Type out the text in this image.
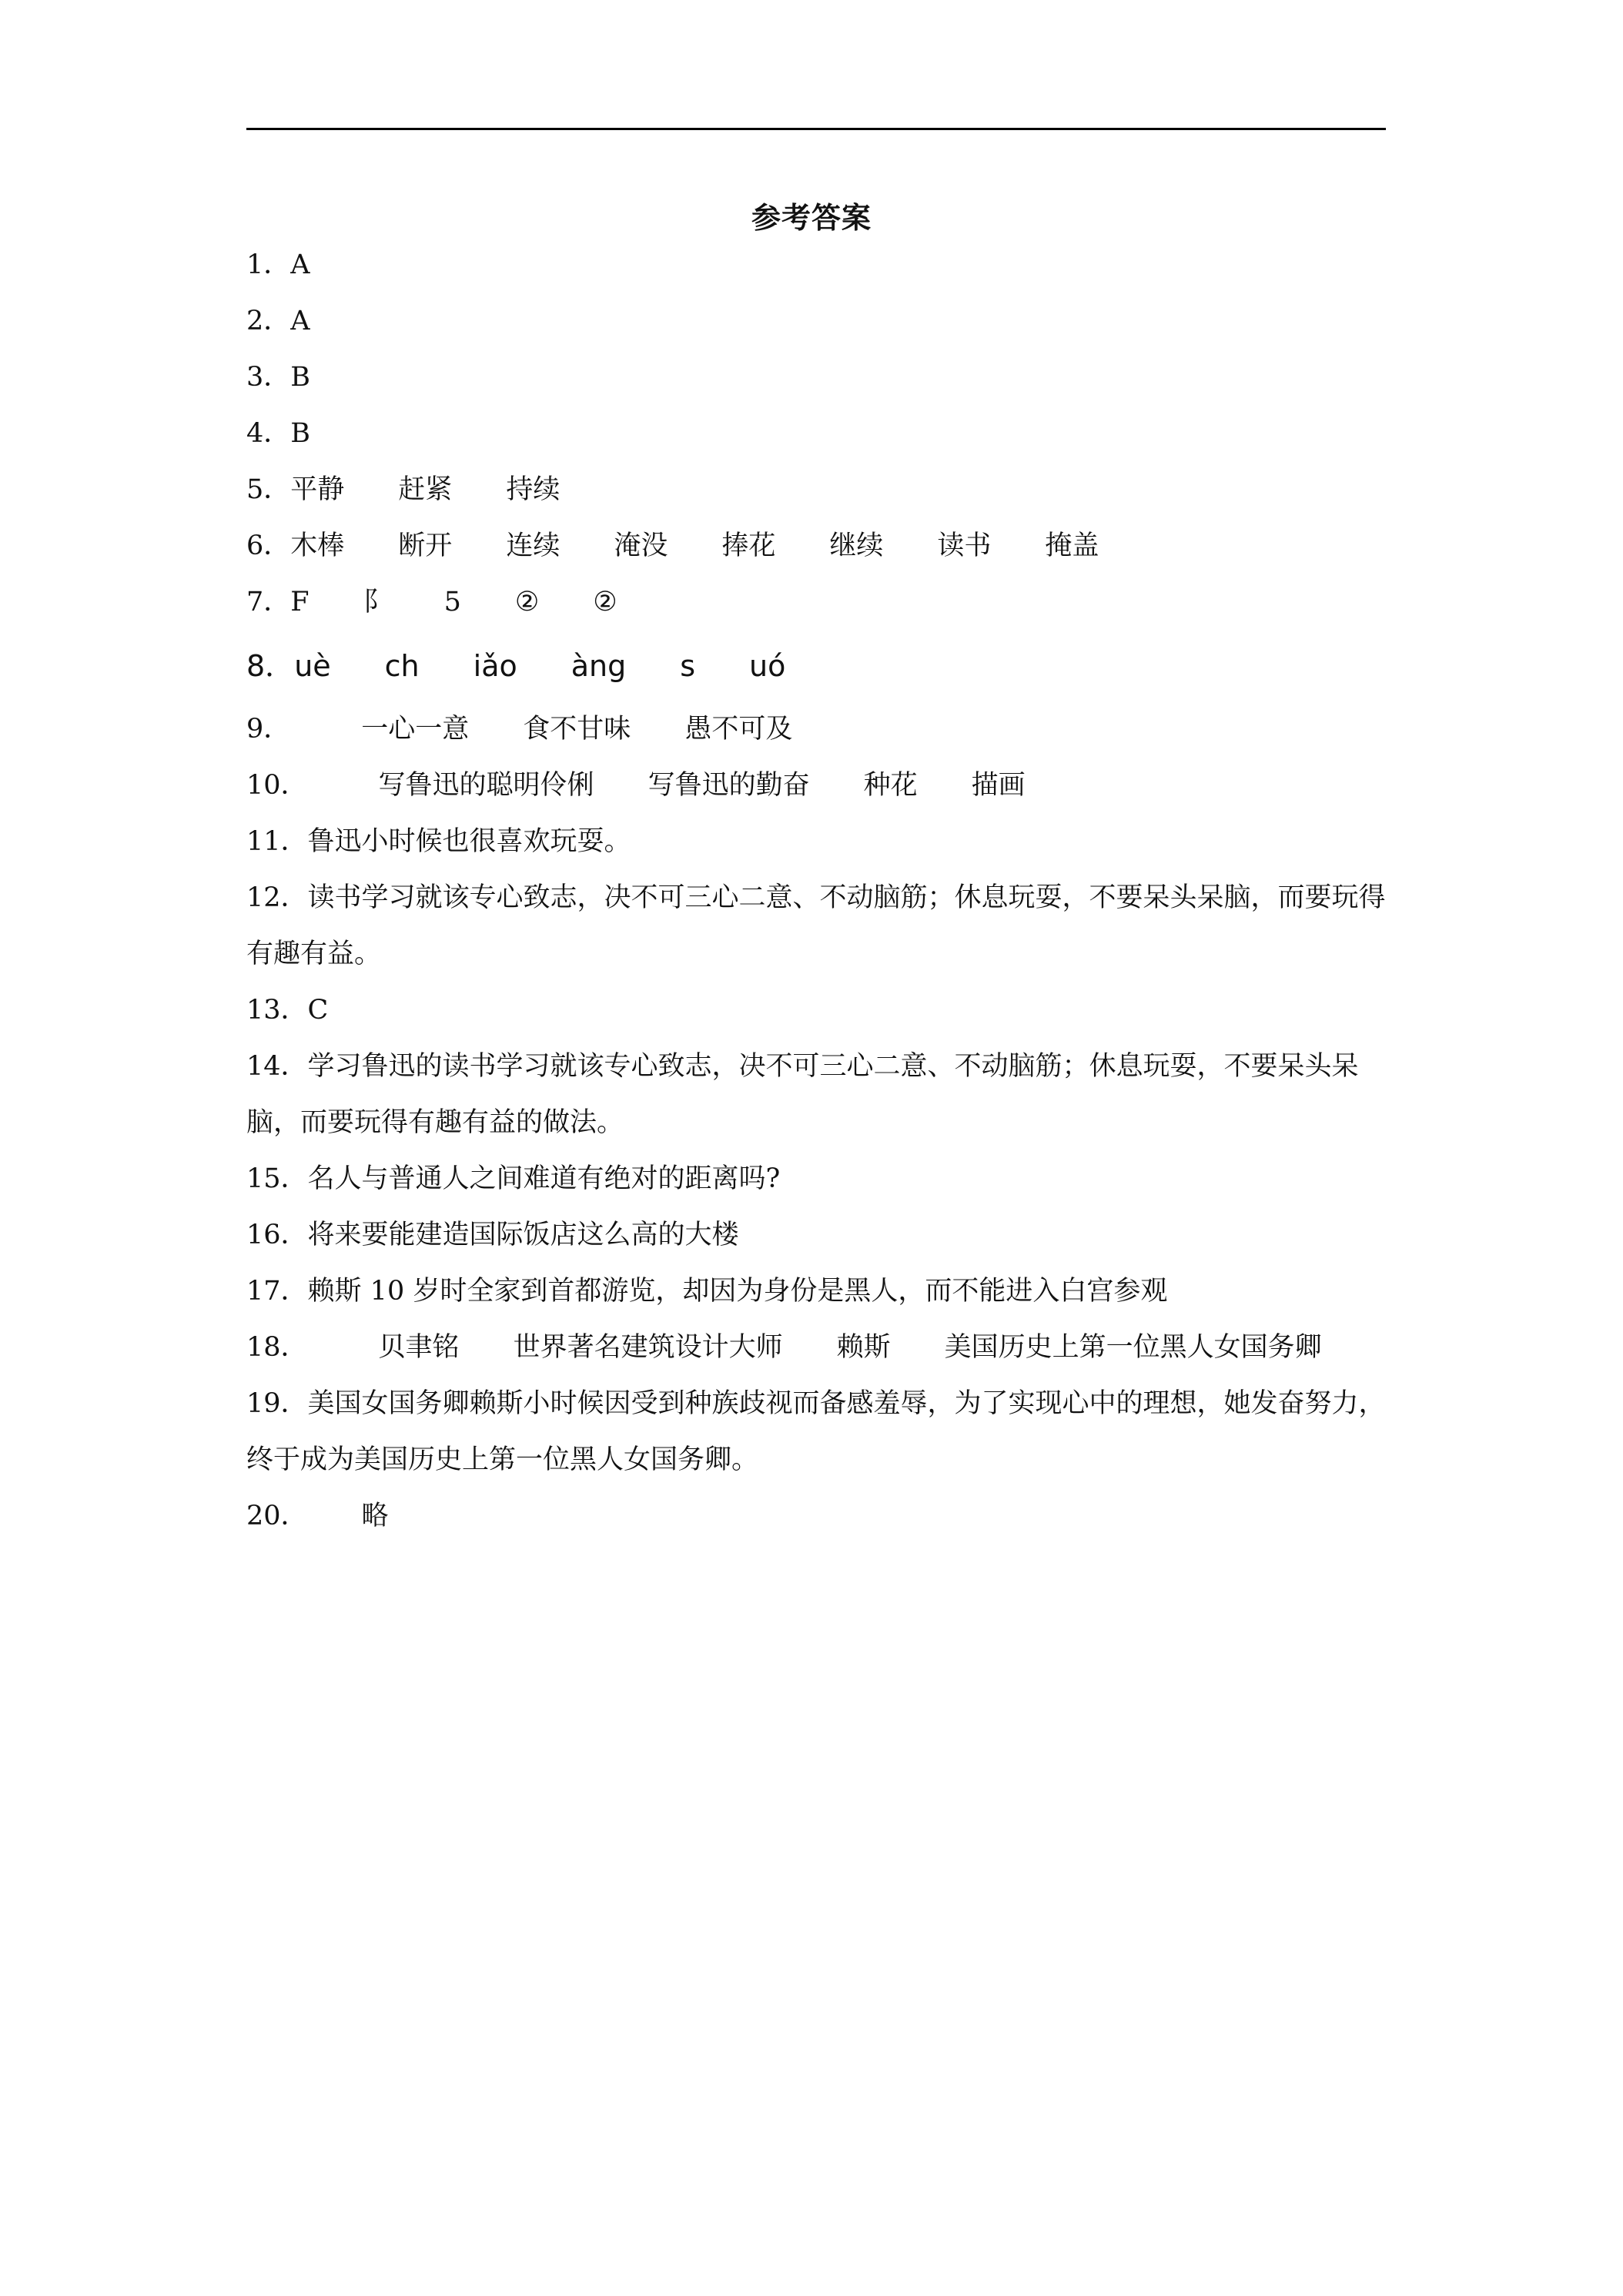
参考答案
1．A
2．A
3．B
4．B
5．平静 赶紧 持续
6．木棒 断开 连续 淹没 捧花 继续 读书 掩盖
7．F 阝 5 ② ②
8．uè ch iǎo àng s uó
9．	一心一意 食不甘味 愚不可及
10．	写鲁迅的聪明伶俐 写鲁迅的勤奋 种花 描画
11．鲁迅小时候也很喜欢玩耍。
12．读书学习就该专心致志，决不可三心二意、不动脑筋；休息玩耍，不要呆头呆脑，而要玩得有趣有益。
13．C
14．学习鲁迅的读书学习就该专心致志，决不可三心二意、不动脑筋；休息玩耍，不要呆头呆脑，而要玩得有趣有益的做法。
15．名人与普通人之间难道有绝对的距离吗?
16．将来要能建造国际饭店这么高的大楼
17．赖斯 10 岁时全家到首都游览，却因为身份是黑人，而不能进入白宫参观
18．	贝聿铭 世界著名建筑设计大师 赖斯 美国历史上第一位黑人女国务卿
19．美国女国务卿赖斯小时候因受到种族歧视而备感羞辱，为了实现心中的理想，她发奋努力，终于成为美国历史上第一位黑人女国务卿。
20． 略
